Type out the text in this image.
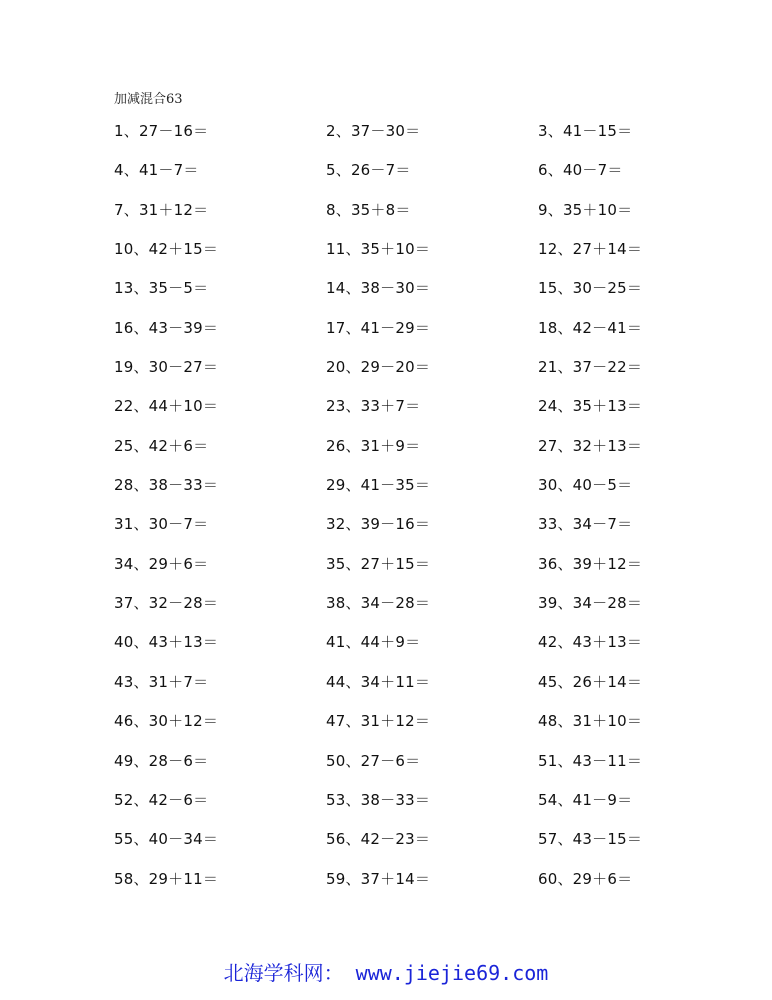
加减混合63
1、27－16＝	2、37－30＝	3、41－15＝
4、41－7＝	5、26－7＝	6、40－7＝
7、31＋12＝	8、35＋8＝	9、35＋10＝
10、42＋15＝	11、35＋10＝	12、27＋14＝
13、35－5＝	14、38－30＝	15、30－25＝
16、43－39＝	17、41－29＝	18、42－41＝
19、30－27＝	20、29－20＝	21、37－22＝
22、44＋10＝	23、33＋7＝	24、35＋13＝
25、42＋6＝	26、31＋9＝	27、32＋13＝
28、38－33＝	29、41－35＝	30、40－5＝
31、30－7＝	32、39－16＝	33、34－7＝
34、29＋6＝	35、27＋15＝	36、39＋12＝
37、32－28＝	38、34－28＝	39、34－28＝
40、43＋13＝	41、44＋9＝	42、43＋13＝
43、31＋7＝	44、34＋11＝	45、26＋14＝
46、30＋12＝	47、31＋12＝	48、31＋10＝
49、28－6＝	50、27－6＝	51、43－11＝
52、42－6＝	53、38－33＝	54、41－9＝
55、40－34＝	56、42－23＝	57、43－15＝
58、29＋11＝	59、37＋14＝	60、29＋6＝
北海学科网： www.jiejie69.com
